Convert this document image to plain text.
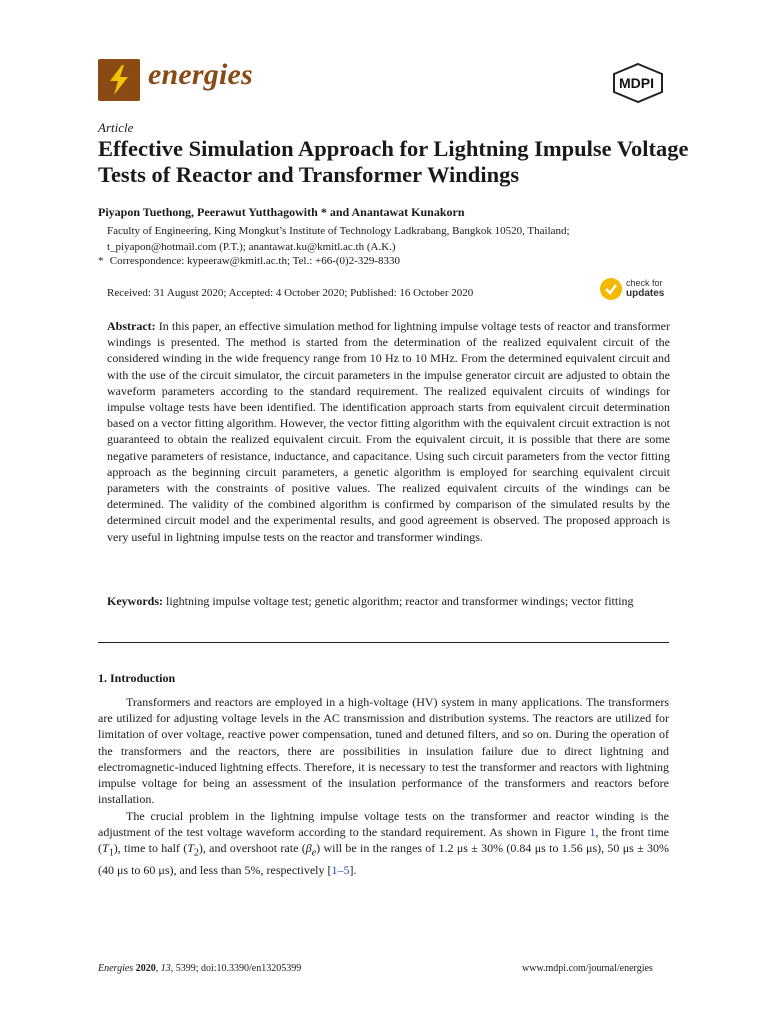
energies	MDPI
Article
Effective Simulation Approach for Lightning Impulse Voltage Tests of Reactor and Transformer Windings
Piyapon Tuethong, Peerawut Yutthagowith * and Anantawat Kunakorn
Faculty of Engineering, King Mongkut’s Institute of Technology Ladkrabang, Bangkok 10520, Thailand;
t_piyapon@hotmail.com (P.T.); anantawat.ku@kmitl.ac.th (A.K.)
* Correspondence: kypeeraw@kmitl.ac.th; Tel.: +66-(0)2-329-8330
Received: 31 August 2020; Accepted: 4 October 2020; Published: 16 October 2020
check for
updates

Abstract: In this paper, an effective simulation method for lightning impulse voltage tests of reactor and transformer windings is presented. The method is started from the determination of the realized equivalent circuit of the considered winding in the wide frequency range from 10 Hz to 10 MHz. From the determined equivalent circuit and with the use of the circuit simulator, the circuit parameters in the impulse generator circuit are adjusted to obtain the waveform parameters according to the standard requirement. The realized equivalent circuits of windings for impulse voltage tests have been identified. The identification approach starts from equivalent circuit determination based on a vector fitting algorithm. However, the vector fitting algorithm with the equivalent circuit extraction is not guaranteed to obtain the realized equivalent circuit. From the equivalent circuit, it is possible that there are some negative parameters of resistance, inductance, and capacitance. Using such circuit parameters from the vector fitting approach as the beginning circuit parameters, a genetic algorithm is employed for searching equivalent circuit parameters with the constraints of positive values. The realized equivalent circuits of the windings can be determined. The validity of the combined algorithm is confirmed by comparison of the simulated results by the determined circuit model and the experimental results, and good agreement is observed. The proposed approach is very useful in lightning impulse tests on the reactor and transformer windings.

Keywords: lightning impulse voltage test; genetic algorithm; reactor and transformer windings; vector fitting

1. Introduction

Transformers and reactors are employed in a high-voltage (HV) system in many applications. The transformers are utilized for adjusting voltage levels in the AC transmission and distribution systems. The reactors are utilized for limitation of over voltage, reactive power compensation, tuned and detuned filters, and so on. During the operation of the transformers and the reactors, there are possibilities in insulation failure due to direct lightning and electromagnetic-induced lightning effects. Therefore, it is necessary to test the transformer and reactors with lightning impulse voltage for being an assessment of the insulation performance of the transformers and reactors before installation.

The crucial problem in the lightning impulse voltage tests on the transformer and reactor winding is the adjustment of the test voltage waveform according to the standard requirement. As shown in Figure 1, the front time $(T_1)$, time to half $(T_2)$, and overshoot rate $(\beta_e)$ will be in the ranges of 1.2 μs ± 30% (0.84 μs to 1.56 μs), 50 μs ± 30% (40 μs to 60 μs), and less than 5%, respectively [1–5].

Energies 2020, 13, 5399; doi:10.3390/en13205399	www.mdpi.com/journal/energies
